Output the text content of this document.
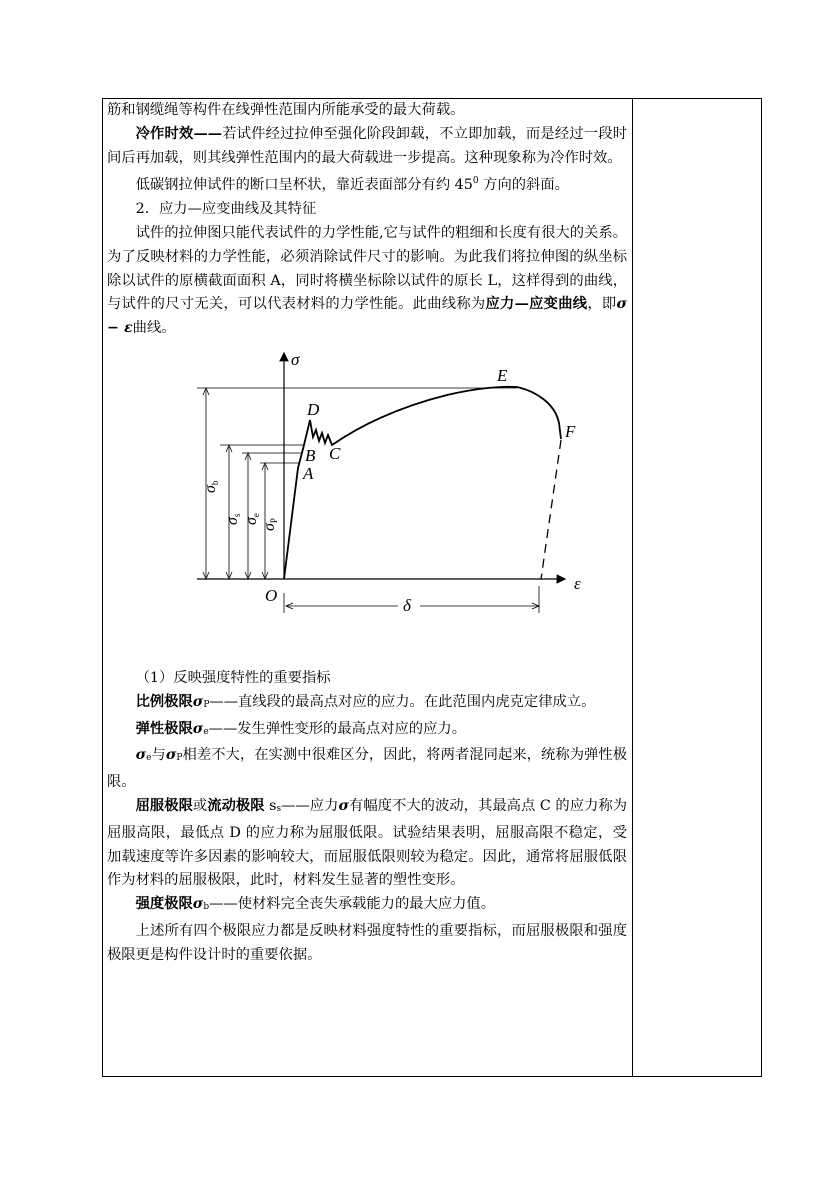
筋和钢缆绳等构件在线弹性范围内所能承受的最大荷载。

冷作时效——若试件经过拉伸至强化阶段卸载，不立即加载，而是经过一段时间后再加载，则其线弹性范围内的最大荷载进一步提高。这种现象称为冷作时效。

低碳钢拉伸试件的断口呈杯状，靠近表面部分有约 $45^0$ 方向的斜面。

2．应力—应变曲线及其特征

试件的拉伸图只能代表试件的力学性能,它与试件的粗细和长度有很大的关系。为了反映材料的力学性能，必须消除试件尺寸的影响。为此我们将拉伸图的纵坐标除以试件的原横截面面积 A，同时将横坐标除以试件的原长 L，这样得到的曲线，与试件的尺寸无关，可以代表材料的力学性能。此曲线称为应力—应变曲线，即σ − ε曲线。

σ
ε
O
A
B C
D
E
F
δ
σb
σs
σe
σP

（1）反映强度特性的重要指标

比例极限σP——直线段的最高点对应的应力。在此范围内虎克定律成立。

弹性极限σe——发生弹性变形的最高点对应的应力。

σe与σP相差不大，在实测中很难区分，因此，将两者混同起来，统称为弹性极限。

屈服极限或流动极限 ss——应力σ有幅度不大的波动，其最高点 C 的应力称为屈服高限，最低点 D 的应力称为屈服低限。试验结果表明，屈服高限不稳定，受加载速度等许多因素的影响较大，而屈服低限则较为稳定。因此，通常将屈服低限作为材料的屈服极限，此时，材料发生显著的塑性变形。

强度极限σb——使材料完全丧失承载能力的最大应力值。

上述所有四个极限应力都是反映材料强度特性的重要指标，而屈服极限和强度极限更是构件设计时的重要依据。
